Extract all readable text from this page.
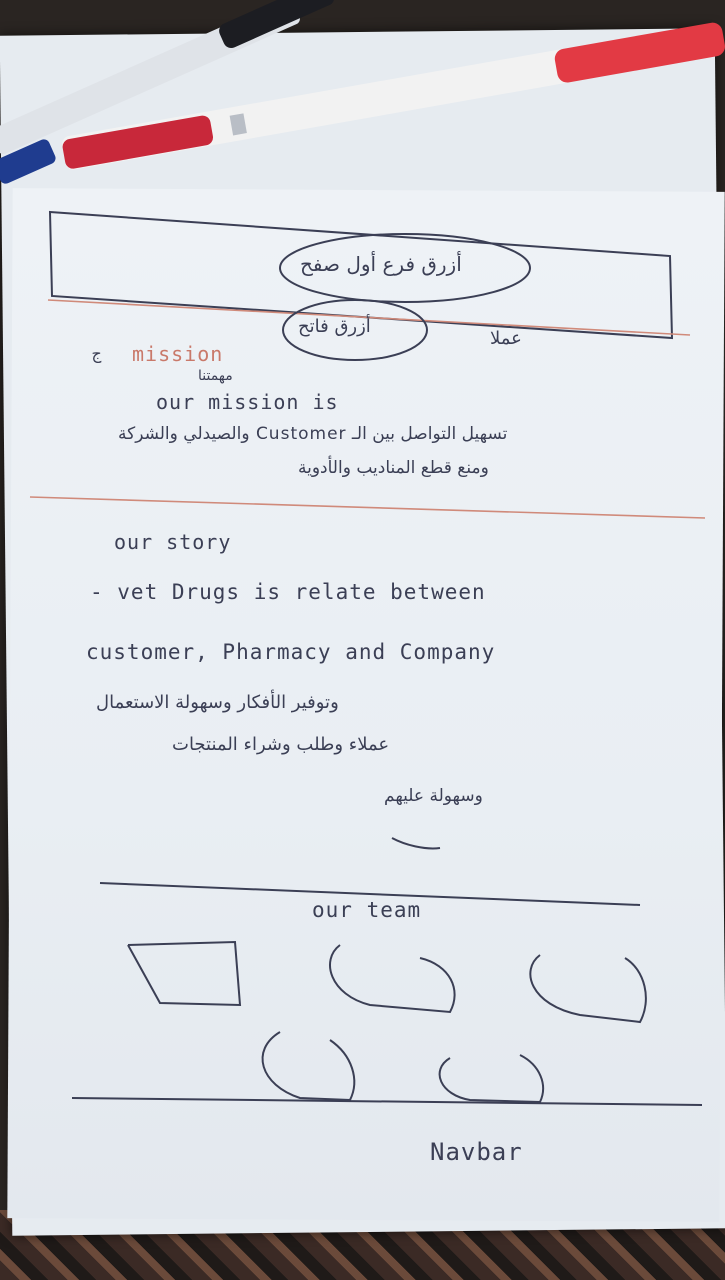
أزرق فرع أول صفح
أزرق فاتح
عملا
ج mission
مهمتنا
our mission is
تسهيل التواصل بين الـ Customer والصيدلي والشركة
ومنع قطع المناديب والأدوية
our story
- vet Drugs is relate between
customer, Pharmacy and Company
وتوفير الأفكار وسهولة الاستعمال
عملاء وطلب وشراء المنتجات
وسهولة عليهم
our team
Navbar
